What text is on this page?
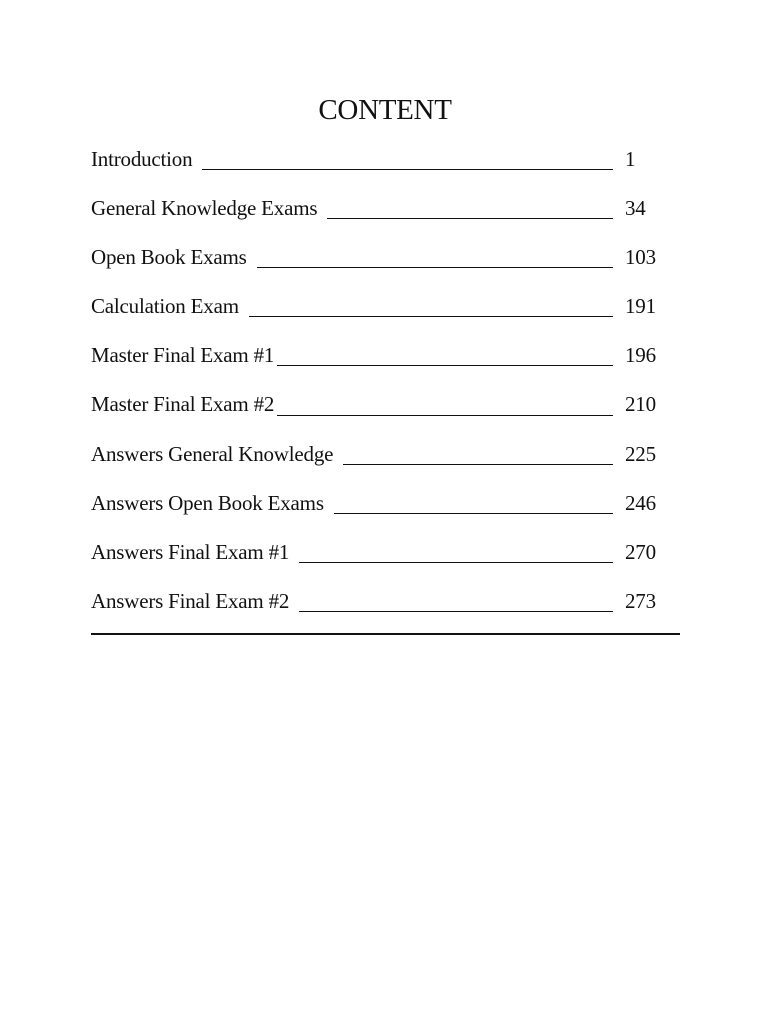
CONTENT
Introduction	1
General Knowledge Exams	34
Open Book Exams	103
Calculation Exam	191
Master Final Exam #1	196
Master Final Exam #2	210
Answers General Knowledge	225
Answers Open Book Exams	246
Answers Final Exam #1	270
Answers Final Exam #2	273
